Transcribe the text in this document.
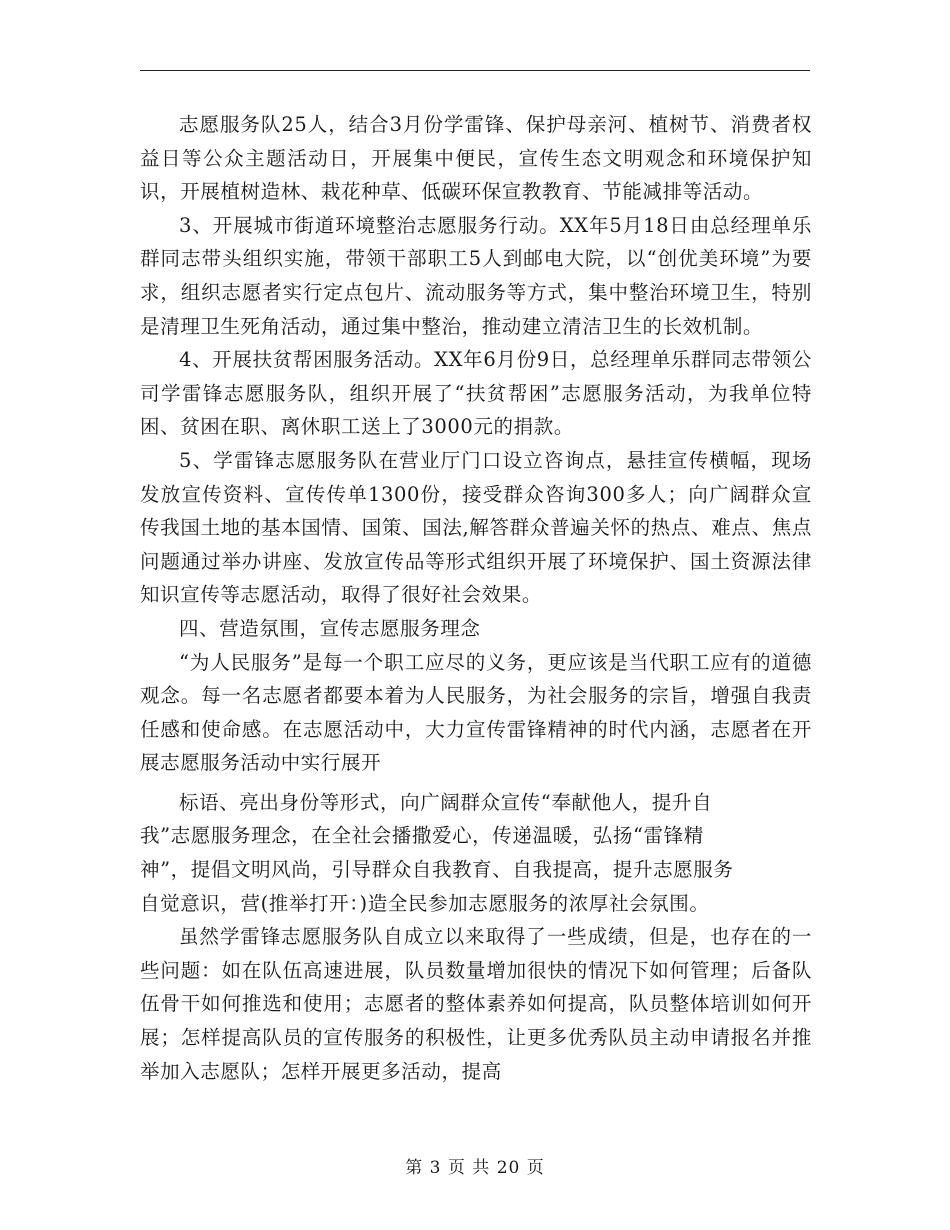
志愿服务队25人，结合3月份学雷锋、保护母亲河、植树节、消费者权益日等公众主题活动日，开展集中便民，宣传生态文明观念和环境保护知识，开展植树造林、栽花种草、低碳环保宣教教育、节能减排等活动。

3、开展城市街道环境整治志愿服务行动。XX年5月18日由总经理单乐群同志带头组织实施，带领干部职工5人到邮电大院，以“创优美环境”为要求，组织志愿者实行定点包片、流动服务等方式，集中整治环境卫生，特别是清理卫生死角活动，通过集中整治，推动建立清洁卫生的长效机制。

4、开展扶贫帮困服务活动。XX年6月份9日，总经理单乐群同志带领公司学雷锋志愿服务队，组织开展了“扶贫帮困”志愿服务活动，为我单位特困、贫困在职、离休职工送上了3000元的捐款。

5、学雷锋志愿服务队在营业厅门口设立咨询点，悬挂宣传横幅，现场发放宣传资料、宣传传单1300份，接受群众咨询300多人；向广阔群众宣传我国土地的基本国情、国策、国法,解答群众普遍关怀的热点、难点、焦点问题通过举办讲座、发放宣传品等形式组织开展了环境保护、国土资源法律知识宣传等志愿活动，取得了很好社会效果。

四、营造氛围，宣传志愿服务理念

“为人民服务”是每一个职工应尽的义务，更应该是当代职工应有的道德观念。每一名志愿者都要本着为人民服务，为社会服务的宗旨，增强自我责任感和使命感。在志愿活动中，大力宣传雷锋精神的时代内涵，志愿者在开展志愿服务活动中实行展开

标语、亮出身份等形式，向广阔群众宣传“奉献他人，提升自
我”志愿服务理念，在全社会播撒爱心，传递温暖，弘扬“雷锋精
神”，提倡文明风尚，引导群众自我教育、自我提高，提升志愿服务
自觉意识，营(推举打开：)造全民参加志愿服务的浓厚社会氛围。

虽然学雷锋志愿服务队自成立以来取得了一些成绩，但是，也存在的一些问题：如在队伍高速进展，队员数量增加很快的情况下如何管理；后备队伍骨干如何推选和使用；志愿者的整体素养如何提高，队员整体培训如何开展；怎样提高队员的宣传服务的积极性，让更多优秀队员主动申请报名并推举加入志愿队；怎样开展更多活动，提高

第 3 页 共 20 页
